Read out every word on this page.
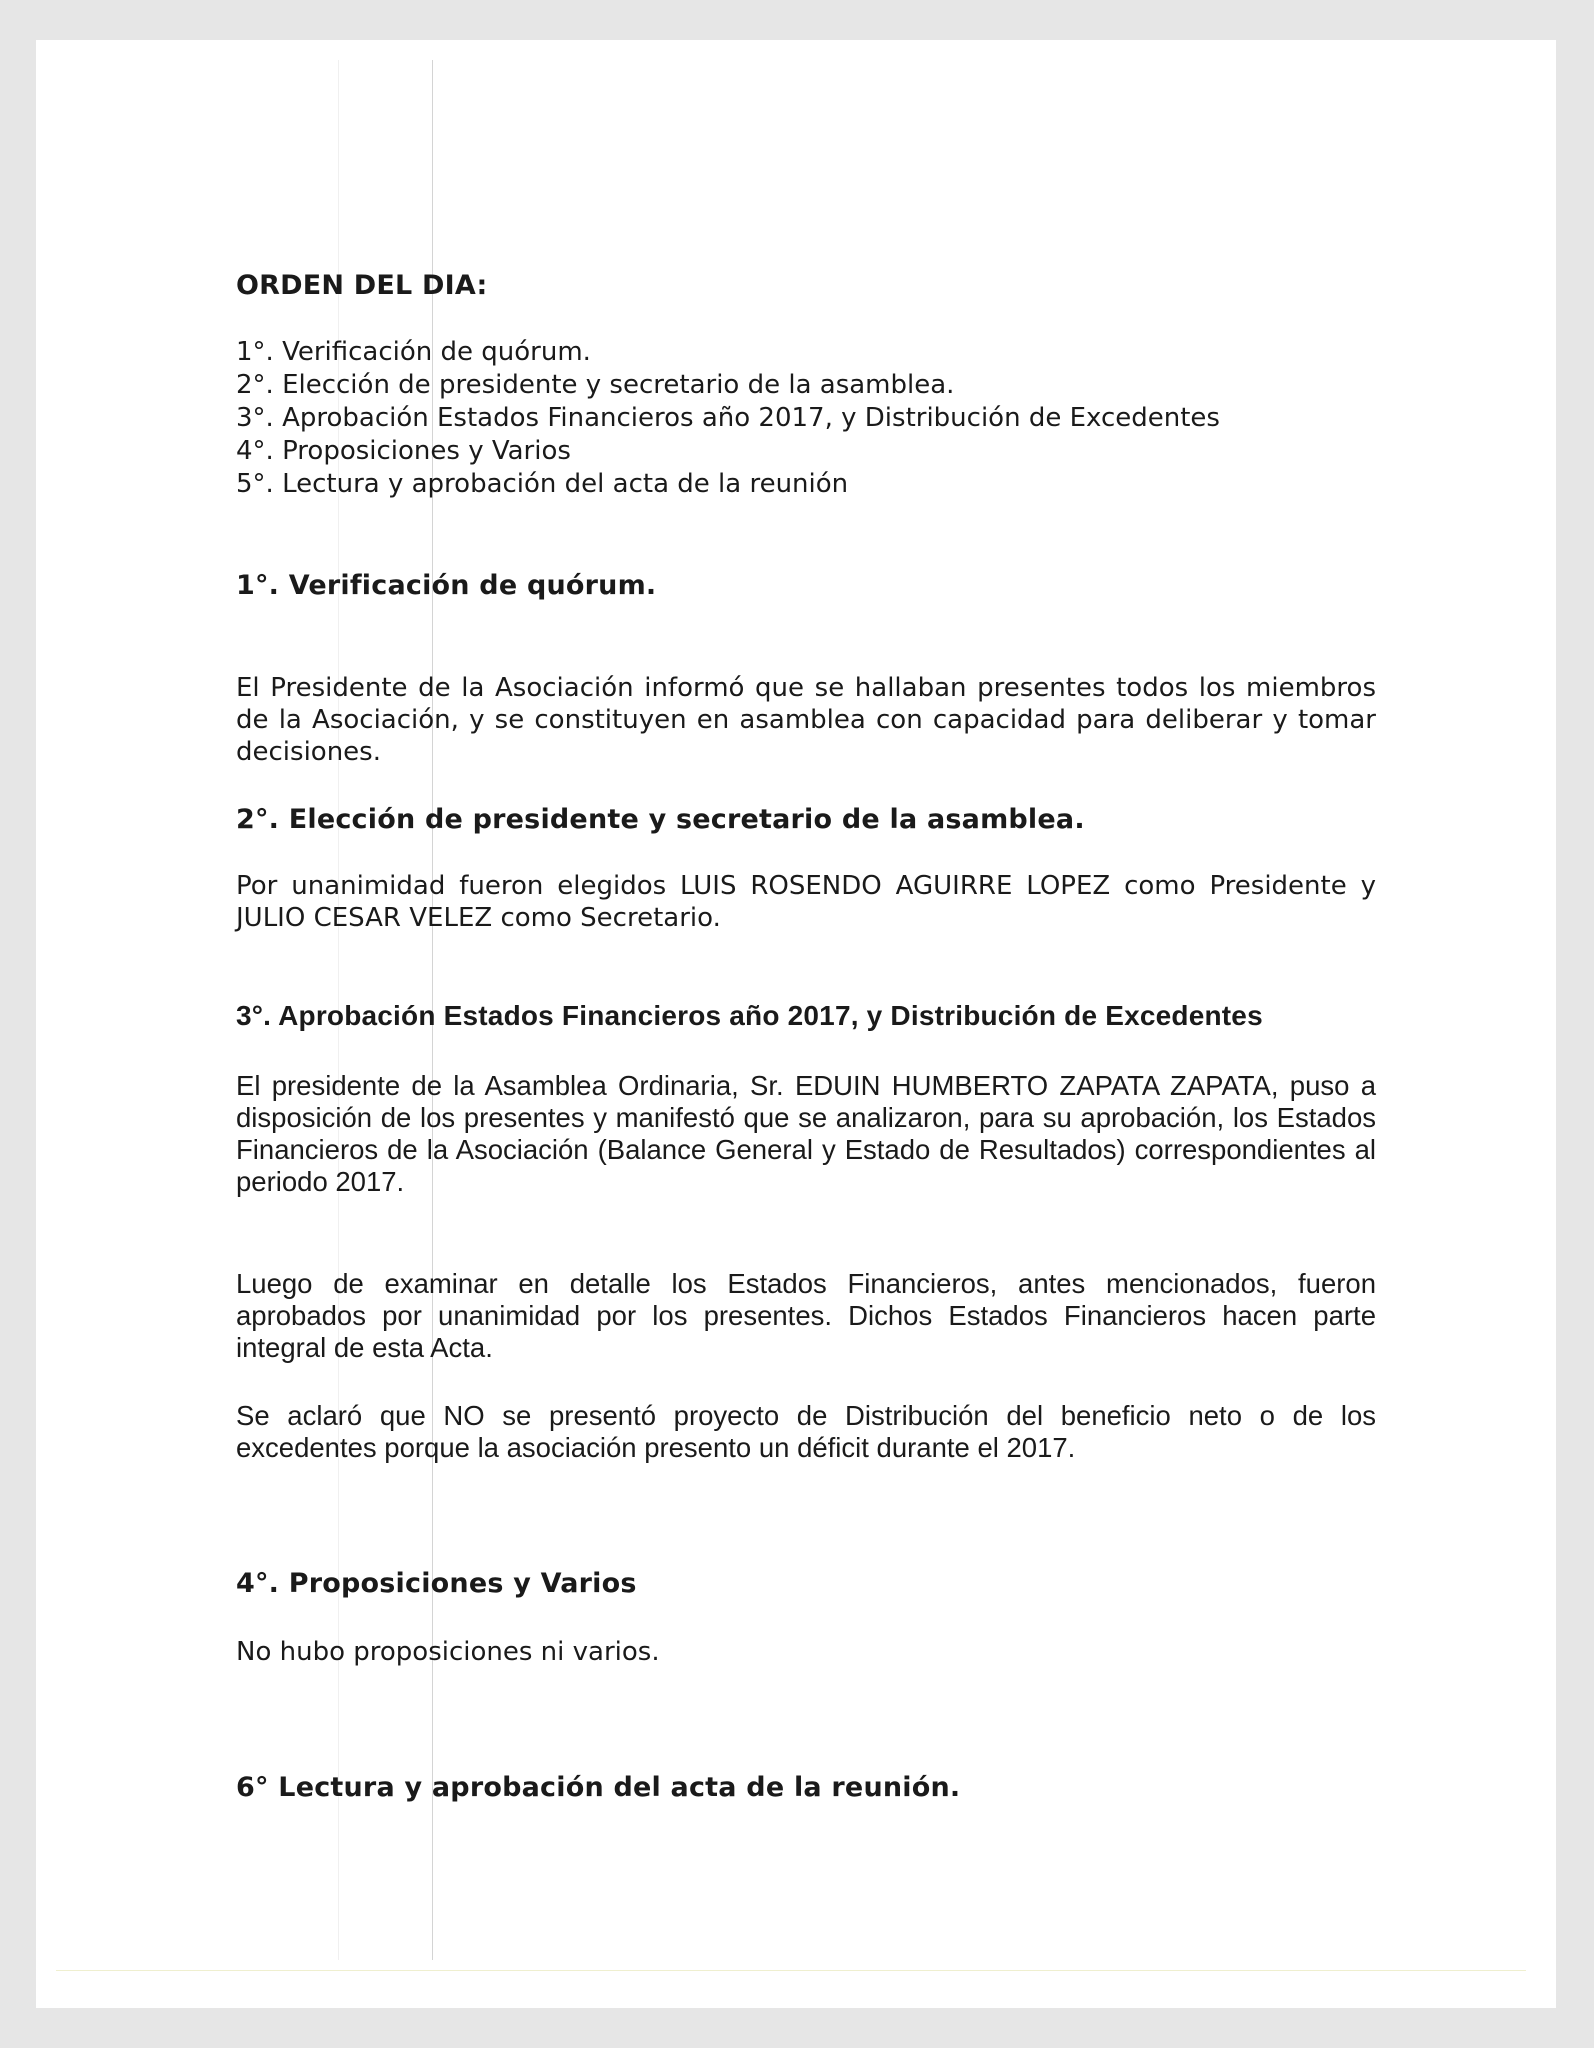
ORDEN DEL DIA:

1°. Verificación de quórum.

2°. Elección de presidente y secretario de la asamblea.

3°. Aprobación Estados Financieros año 2017, y Distribución de Excedentes

4°. Proposiciones y Varios

5°. Lectura y aprobación del acta de la reunión

1°. Verificación de quórum.

El Presidente de la Asociación informó que se hallaban presentes todos los miembros de la Asociación, y se constituyen en asamblea con capacidad para deliberar y tomar decisiones.

2°. Elección de presidente y secretario de la asamblea.

Por unanimidad fueron elegidos LUIS ROSENDO AGUIRRE LOPEZ como Presidente y JULIO CESAR VELEZ como Secretario.

3°. Aprobación Estados Financieros año 2017, y Distribución de Excedentes

El presidente de la Asamblea Ordinaria, Sr. EDUIN HUMBERTO ZAPATA ZAPATA, puso a disposición de los presentes y manifestó que se analizaron, para su aprobación, los Estados Financieros de la Asociación (Balance General y Estado de Resultados) correspondientes al periodo 2017.

Luego de examinar en detalle los Estados Financieros, antes mencionados, fueron aprobados por unanimidad por los presentes. Dichos Estados Financieros hacen parte integral de esta Acta.

Se aclaró que NO se presentó proyecto de Distribución del beneficio neto o de los excedentes porque la asociación presento un déficit durante el 2017.

4°. Proposiciones y Varios

No hubo proposiciones ni varios.

6° Lectura y aprobación del acta de la reunión.
